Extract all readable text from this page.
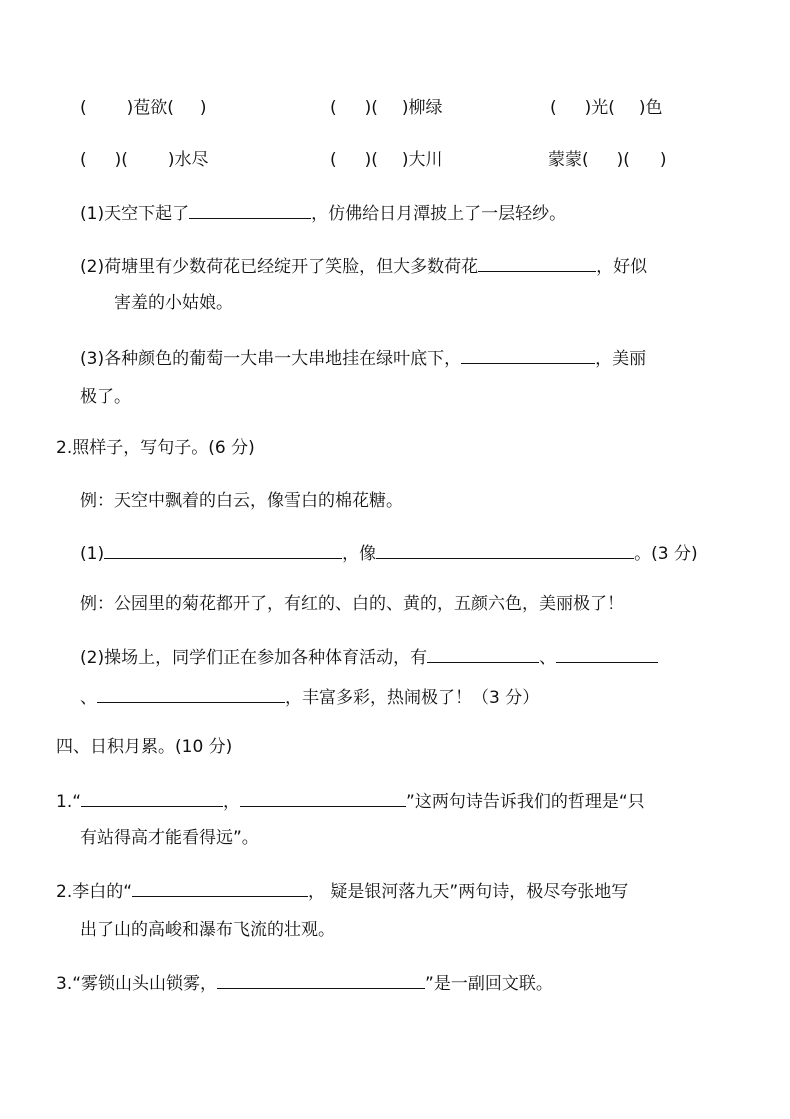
( )苞欲( )	( )( )柳绿	( )光( )色
( )( )水尽	( )( )大川	蒙蒙( )( )
(1)天空下起了	，仿佛给日月潭披上了一层轻纱。
(2)荷塘里有少数荷花已经绽开了笑脸，但大多数荷花	，好似
害羞的小姑娘。
(3)各种颜色的葡萄一大串一大串地挂在绿叶底下，	，美丽
极了。
2.照样子，写句子。(6 分)
例：天空中飘着的白云，像雪白的棉花糖。
(1)	，像	。(3 分)
例：公园里的菊花都开了，有红的、白的、黄的，五颜六色，美丽极了！
(2)操场上，同学们正在参加各种体育活动，有	、
、	，丰富多彩，热闹极了！（3 分）
四、日积月累。(10 分)
1.“	，	”这两句诗告诉我们的哲理是“只
有站得高才能看得远”。
2.李白的“	， 疑是银河落九天”两句诗，极尽夸张地写
出了山的高峻和瀑布飞流的壮观。
3.“雾锁山头山锁雾，	”是一副回文联。
